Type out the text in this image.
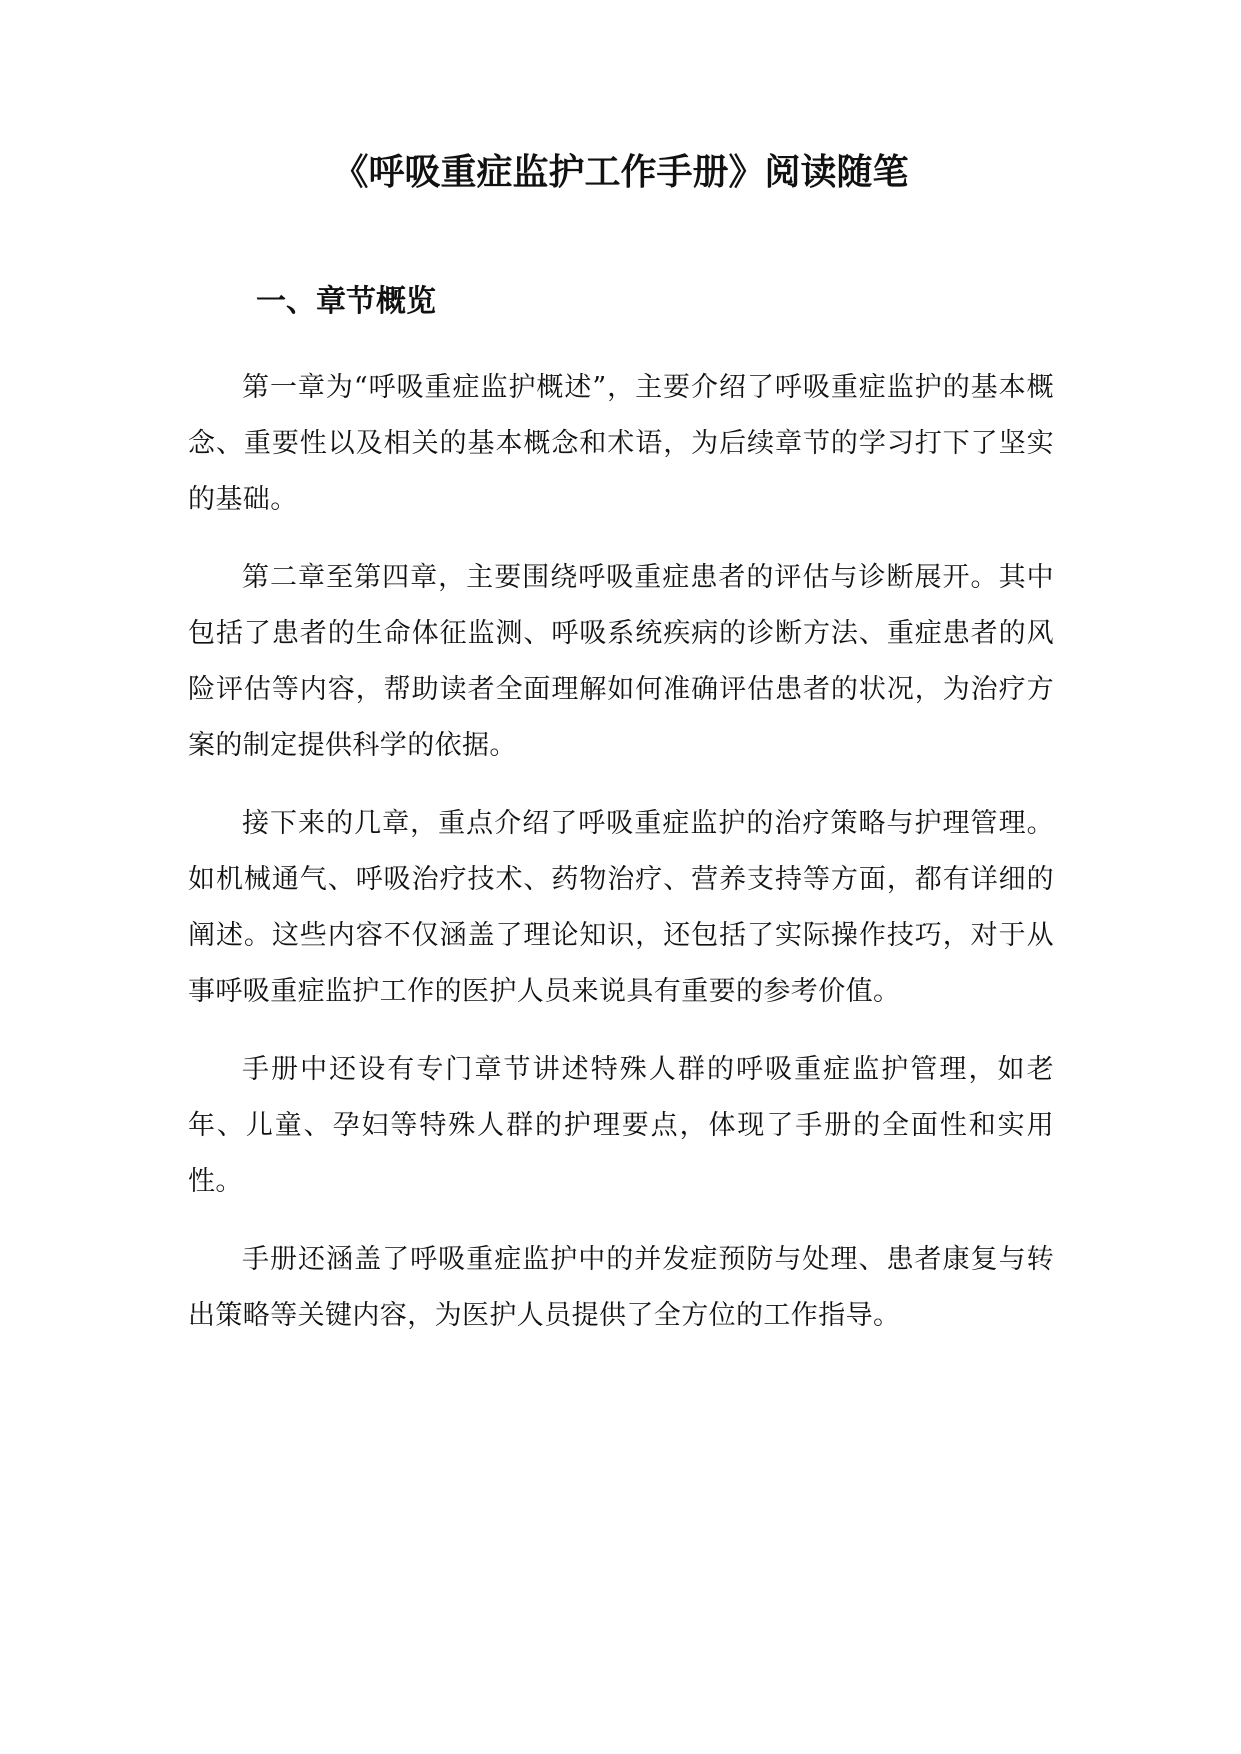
《呼吸重症监护工作手册》阅读随笔
一、章节概览

第一章为“呼吸重症监护概述”，主要介绍了呼吸重症监护的基本概念、重要性以及相关的基本概念和术语，为后续章节的学习打下了坚实的基础。

第二章至第四章，主要围绕呼吸重症患者的评估与诊断展开。其中包括了患者的生命体征监测、呼吸系统疾病的诊断方法、重症患者的风险评估等内容，帮助读者全面理解如何准确评估患者的状况，为治疗方案的制定提供科学的依据。

接下来的几章，重点介绍了呼吸重症监护的治疗策略与护理管理。如机械通气、呼吸治疗技术、药物治疗、营养支持等方面，都有详细的阐述。这些内容不仅涵盖了理论知识，还包括了实际操作技巧，对于从事呼吸重症监护工作的医护人员来说具有重要的参考价值。

手册中还设有专门章节讲述特殊人群的呼吸重症监护管理，如老年、儿童、孕妇等特殊人群的护理要点，体现了手册的全面性和实用性。

手册还涵盖了呼吸重症监护中的并发症预防与处理、患者康复与转出策略等关键内容，为医护人员提供了全方位的工作指导。
